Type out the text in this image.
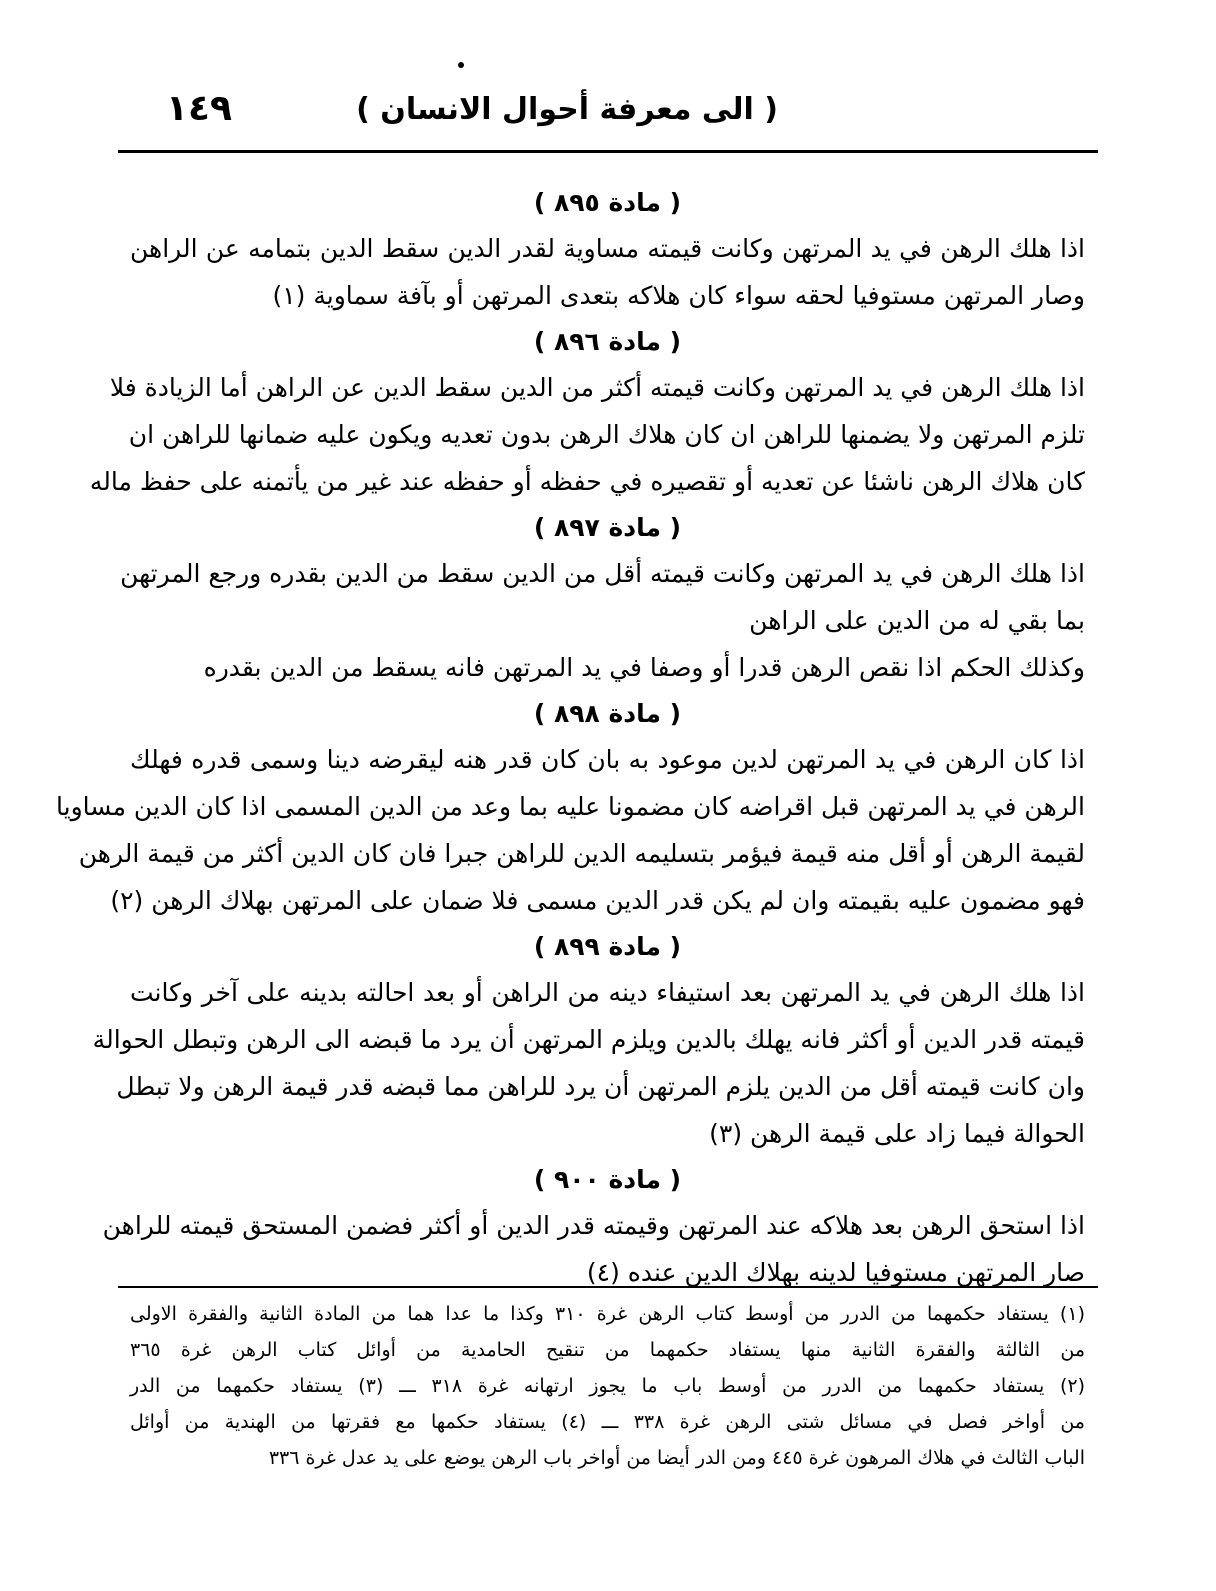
( الى معرفة أحوال الانسان )
١٤٩
( مادة ٨٩٥ )
اذا هلك الرهن في يد المرتهن وكانت قيمته مساوية لقدر الدين سقط الدين بتمامه عن الراهن
وصار المرتهن مستوفيا لحقه سواء كان هلاكه بتعدى المرتهن أو بآفة سماوية (١)
( مادة ٨٩٦ )
اذا هلك الرهن في يد المرتهن وكانت قيمته أكثر من الدين سقط الدين عن الراهن أما الزيادة فلا
تلزم المرتهن ولا يضمنها للراهن ان كان هلاك الرهن بدون تعديه ويكون عليه ضمانها للراهن ان
كان هلاك الرهن ناشئا عن تعديه أو تقصيره في حفظه أو حفظه عند غير من يأتمنه على حفظ ماله
( مادة ٨٩٧ )
اذا هلك الرهن في يد المرتهن وكانت قيمته أقل من الدين سقط من الدين بقدره ورجع المرتهن
بما بقي له من الدين على الراهن
وكذلك الحكم اذا نقص الرهن قدرا أو وصفا في يد المرتهن فانه يسقط من الدين بقدره
( مادة ٨٩٨ )
اذا كان الرهن في يد المرتهن لدين موعود به بان كان قدر هنه ليقرضه دينا وسمى قدره فهلك
الرهن في يد المرتهن قبل اقراضه كان مضمونا عليه بما وعد من الدين المسمى اذا كان الدين مساويا
لقيمة الرهن أو أقل منه قيمة فيؤمر بتسليمه الدين للراهن جبرا فان كان الدين أكثر من قيمة الرهن
فهو مضمون عليه بقيمته وان لم يكن قدر الدين مسمى فلا ضمان على المرتهن بهلاك الرهن (٢)
( مادة ٨٩٩ )
اذا هلك الرهن في يد المرتهن بعد استيفاء دينه من الراهن أو بعد احالته بدينه على آخر وكانت
قيمته قدر الدين أو أكثر فانه يهلك بالدين ويلزم المرتهن أن يرد ما قبضه الى الرهن وتبطل الحوالة
وان كانت قيمته أقل من الدين يلزم المرتهن أن يرد للراهن مما قبضه قدر قيمة الرهن ولا تبطل
الحوالة فيما زاد على قيمة الرهن (٣)
( مادة ٩٠٠ )
اذا استحق الرهن بعد هلاكه عند المرتهن وقيمته قدر الدين أو أكثر فضمن المستحق قيمته للراهن
صار المرتهن مستوفيا لدينه بهلاك الدين عنده (٤)
(١) يستفاد حكمهما من الدرر من أوسط كتاب الرهن غرة ٣١٠ وكذا ما عدا هما من المادة الثانية والفقرة الاولى
من الثالثة والفقرة الثانية منها يستفاد حكمهما من تنقيح الحامدية من أوائل كتاب الرهن غرة ٣٦٥
(٢) يستفاد حكمهما من الدرر من أوسط باب ما يجوز ارتهانه غرة ٣١٨ ـــ (٣) يستفاد حكمهما من الدر
من أواخر فصل في مسائل شتى الرهن غرة ٣٣٨ ـــ (٤) يستفاد حكمها مع فقرتها من الهندية من أوائل
الباب الثالث في هلاك المرهون غرة ٤٤٥ ومن الدر أيضا من أواخر باب الرهن يوضع على يد عدل غرة ٣٣٦
